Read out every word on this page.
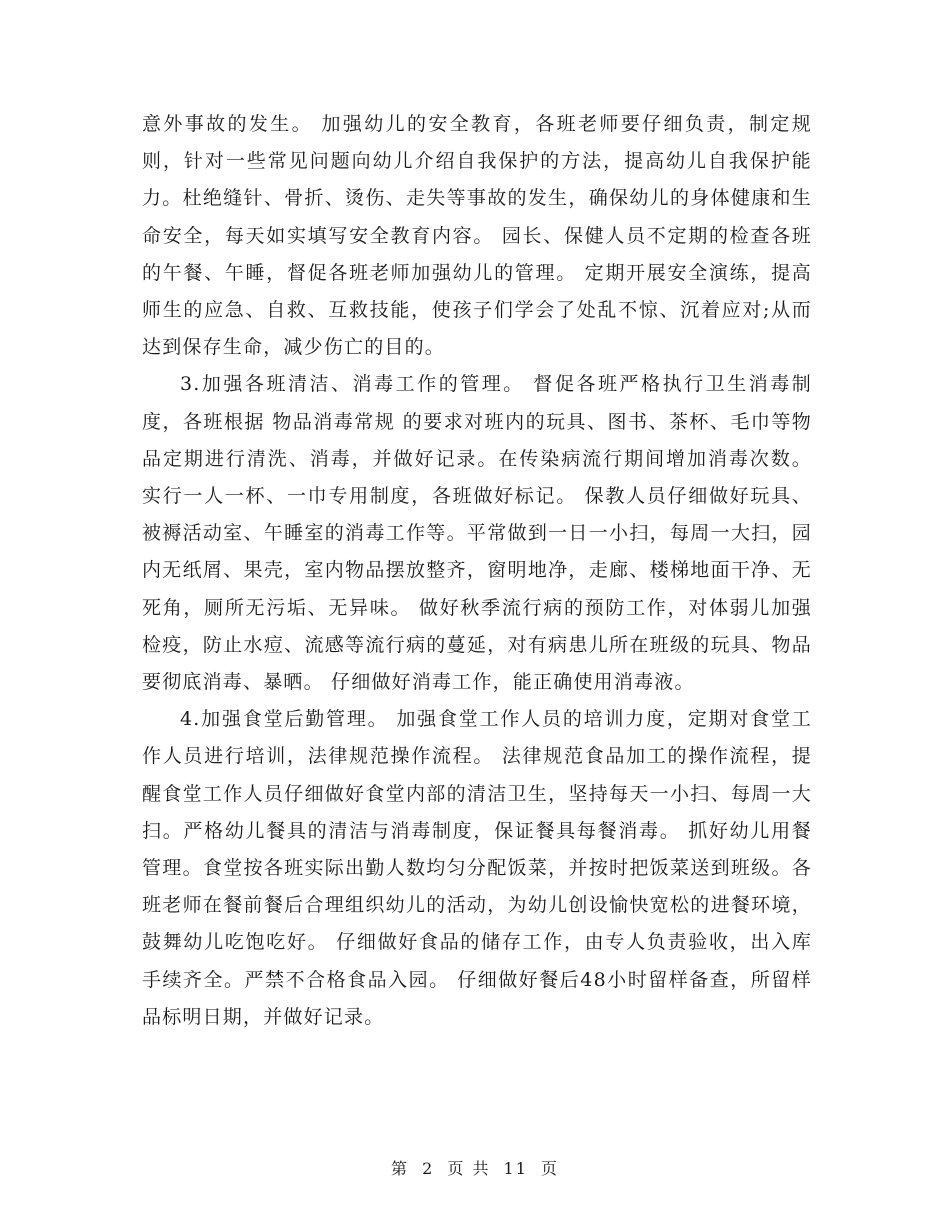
意外事故的发生。 加强幼儿的安全教育，各班老师要仔细负责，制定规则，针对一些常见问题向幼儿介绍自我保护的方法，提高幼儿自我保护能力。杜绝缝针、骨折、烫伤、走失等事故的发生，确保幼儿的身体健康和生命安全，每天如实填写安全教育内容。 园长、保健人员不定期的检查各班的午餐、午睡，督促各班老师加强幼儿的管理。 定期开展安全演练，提高师生的应急、自救、互救技能，使孩子们学会了处乱不惊、沉着应对;从而达到保存生命，减少伤亡的目的。

3.加强各班清洁、消毒工作的管理。 督促各班严格执行卫生消毒制度，各班根据 物品消毒常规 的要求对班内的玩具、图书、茶杯、毛巾等物品定期进行清洗、消毒，并做好记录。在传染病流行期间增加消毒次数。 实行一人一杯、一巾专用制度，各班做好标记。 保教人员仔细做好玩具、被褥活动室、午睡室的消毒工作等。平常做到一日一小扫，每周一大扫，园内无纸屑、果壳，室内物品摆放整齐，窗明地净，走廊、楼梯地面干净、无死角，厕所无污垢、无异味。 做好秋季流行病的预防工作，对体弱儿加强检疫，防止水痘、流感等流行病的蔓延，对有病患儿所在班级的玩具、物品要彻底消毒、暴晒。 仔细做好消毒工作，能正确使用消毒液。

4.加强食堂后勤管理。 加强食堂工作人员的培训力度，定期对食堂工作人员进行培训，法律规范操作流程。 法律规范食品加工的操作流程，提醒食堂工作人员仔细做好食堂内部的清洁卫生，坚持每天一小扫、每周一大扫。严格幼儿餐具的清洁与消毒制度，保证餐具每餐消毒。 抓好幼儿用餐管理。食堂按各班实际出勤人数均匀分配饭菜，并按时把饭菜送到班级。各班老师在餐前餐后合理组织幼儿的活动，为幼儿创设愉快宽松的进餐环境，鼓舞幼儿吃饱吃好。 仔细做好食品的储存工作，由专人负责验收，出入库手续齐全。严禁不合格食品入园。 仔细做好餐后48小时留样备查，所留样品标明日期，并做好记录。

第 2 页 共 11 页
